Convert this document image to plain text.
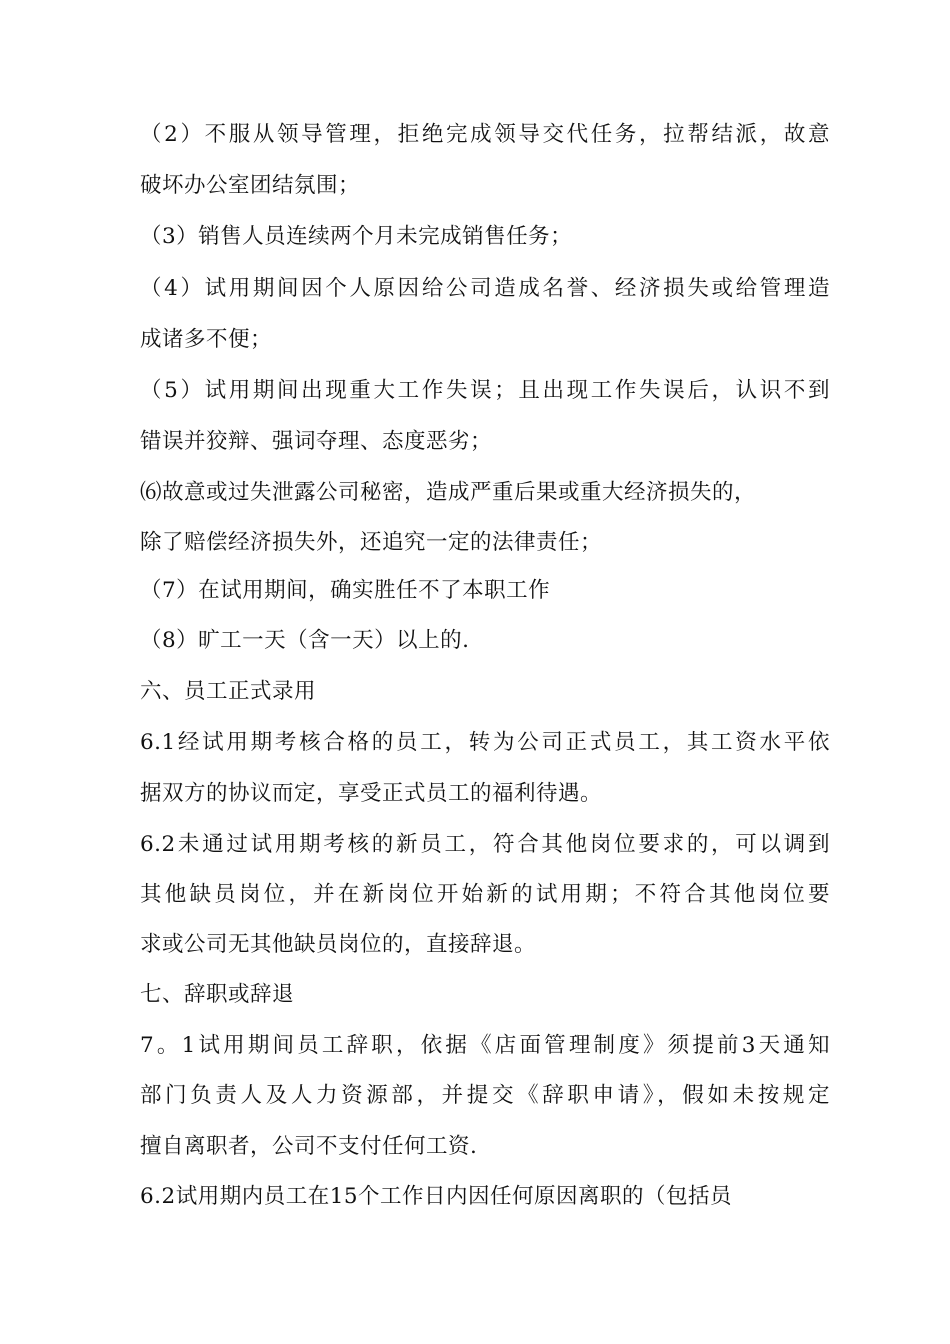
（2）不服从领导管理，拒绝完成领导交代任务，拉帮结派，故意
破坏办公室团结氛围；
（3）销售人员连续两个月未完成销售任务；
（4）试用期间因个人原因给公司造成名誉、经济损失或给管理造
成诸多不便；
（5）试用期间出现重大工作失误；且出现工作失误后，认识不到
错误并狡辩、强词夺理、态度恶劣；
⑹故意或过失泄露公司秘密，造成严重后果或重大经济损失的，
除了赔偿经济损失外，还追究一定的法律责任；
（7）在试用期间，确实胜任不了本职工作
（8）旷工一天（含一天）以上的.
六、员工正式录用
6.1经试用期考核合格的员工，转为公司正式员工，其工资水平依
据双方的协议而定，享受正式员工的福利待遇。
6.2未通过试用期考核的新员工，符合其他岗位要求的，可以调到
其他缺员岗位，并在新岗位开始新的试用期；不符合其他岗位要
求或公司无其他缺员岗位的，直接辞退。
七、辞职或辞退
7。1试用期间员工辞职，依据《店面管理制度》须提前3天通知
部门负责人及人力资源部，并提交《辞职申请》，假如未按规定
擅自离职者，公司不支付任何工资.
6.2试用期内员工在15个工作日内因任何原因离职的（包括员
